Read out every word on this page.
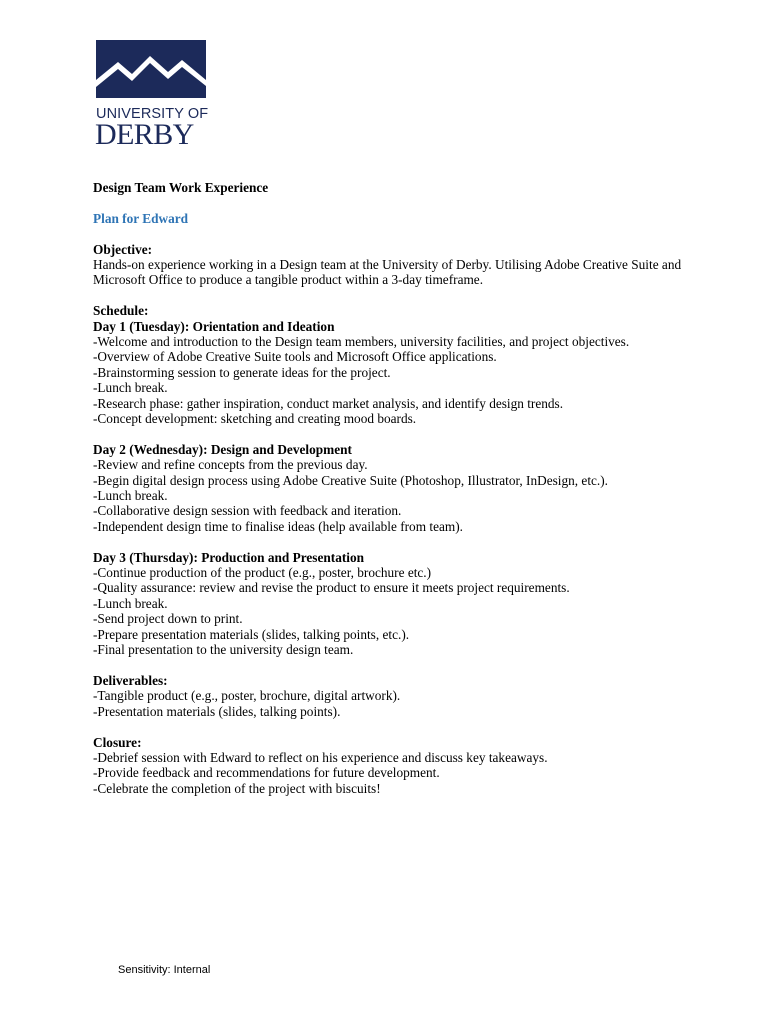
UNIVERSITY OF
DERBY

Design Team Work Experience

Plan for Edward

Objective:

Hands-on experience working in a Design team at the University of Derby. Utilising Adobe Creative Suite and Microsoft Office to produce a tangible product within a 3-day timeframe.

Schedule:

Day 1 (Tuesday): Orientation and Ideation

-Welcome and introduction to the Design team members, university facilities, and project objectives.

-Overview of Adobe Creative Suite tools and Microsoft Office applications.

-Brainstorming session to generate ideas for the project.

-Lunch break.

-Research phase: gather inspiration, conduct market analysis, and identify design trends.

-Concept development: sketching and creating mood boards.

Day 2 (Wednesday): Design and Development

-Review and refine concepts from the previous day.

-Begin digital design process using Adobe Creative Suite (Photoshop, Illustrator, InDesign, etc.).

-Lunch break.

-Collaborative design session with feedback and iteration.

-Independent design time to finalise ideas (help available from team).

Day 3 (Thursday): Production and Presentation

-Continue production of the product (e.g., poster, brochure etc.)

-Quality assurance: review and revise the product to ensure it meets project requirements.

-Lunch break.

-Send project down to print.

-Prepare presentation materials (slides, talking points, etc.).

-Final presentation to the university design team.

Deliverables:

-Tangible product (e.g., poster, brochure, digital artwork).

-Presentation materials (slides, talking points).

Closure:

-Debrief session with Edward to reflect on his experience and discuss key takeaways.

-Provide feedback and recommendations for future development.

-Celebrate the completion of the project with biscuits!

Sensitivity: Internal
